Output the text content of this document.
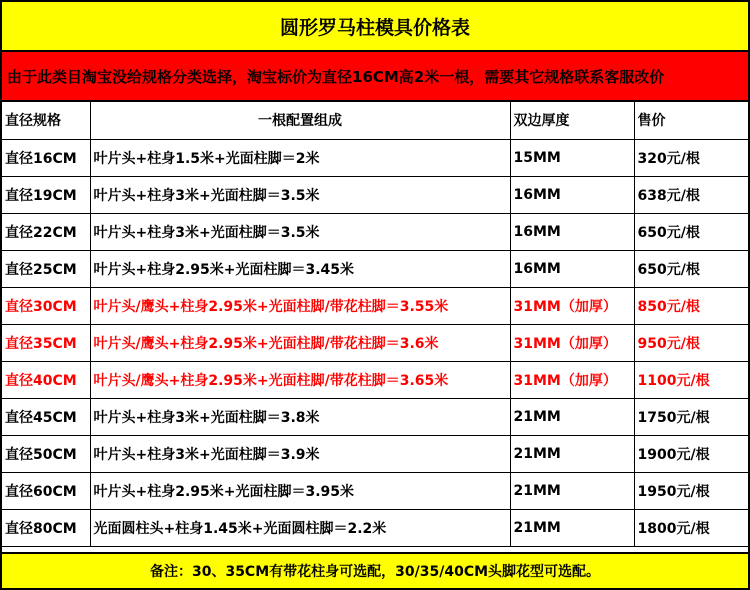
圆形罗马柱模具价格表
由于此类目淘宝没给规格分类选择，淘宝标价为直径16CM高2米一根，需要其它规格联系客服改价
直径规格	一根配置组成	双边厚度	售价
直径16CM	叶片头+柱身1.5米+光面柱脚＝2米	15MM	320元/根
直径19CM	叶片头+柱身3米+光面柱脚＝3.5米	16MM	638元/根
直径22CM	叶片头+柱身3米+光面柱脚＝3.5米	16MM	650元/根
直径25CM	叶片头+柱身2.95米+光面柱脚＝3.45米	16MM	650元/根
直径30CM	叶片头/鹰头+柱身2.95米+光面柱脚/带花柱脚＝3.55米	31MM（加厚）	850元/根
直径35CM	叶片头/鹰头+柱身2.95米+光面柱脚/带花柱脚＝3.6米	31MM（加厚）	950元/根
直径40CM	叶片头/鹰头+柱身2.95米+光面柱脚/带花柱脚＝3.65米	31MM（加厚）	1100元/根
直径45CM	叶片头+柱身3米+光面柱脚＝3.8米	21MM	1750元/根
直径50CM	叶片头+柱身3米+光面柱脚＝3.9米	21MM	1900元/根
直径60CM	叶片头+柱身2.95米+光面柱脚＝3.95米	21MM	1950元/根
直径80CM	光面圆柱头+柱身1.45米+光面圆柱脚＝2.2米	21MM	1800元/根
备注：30、35CM有带花柱身可选配，30/35/40CM头脚花型可选配。
